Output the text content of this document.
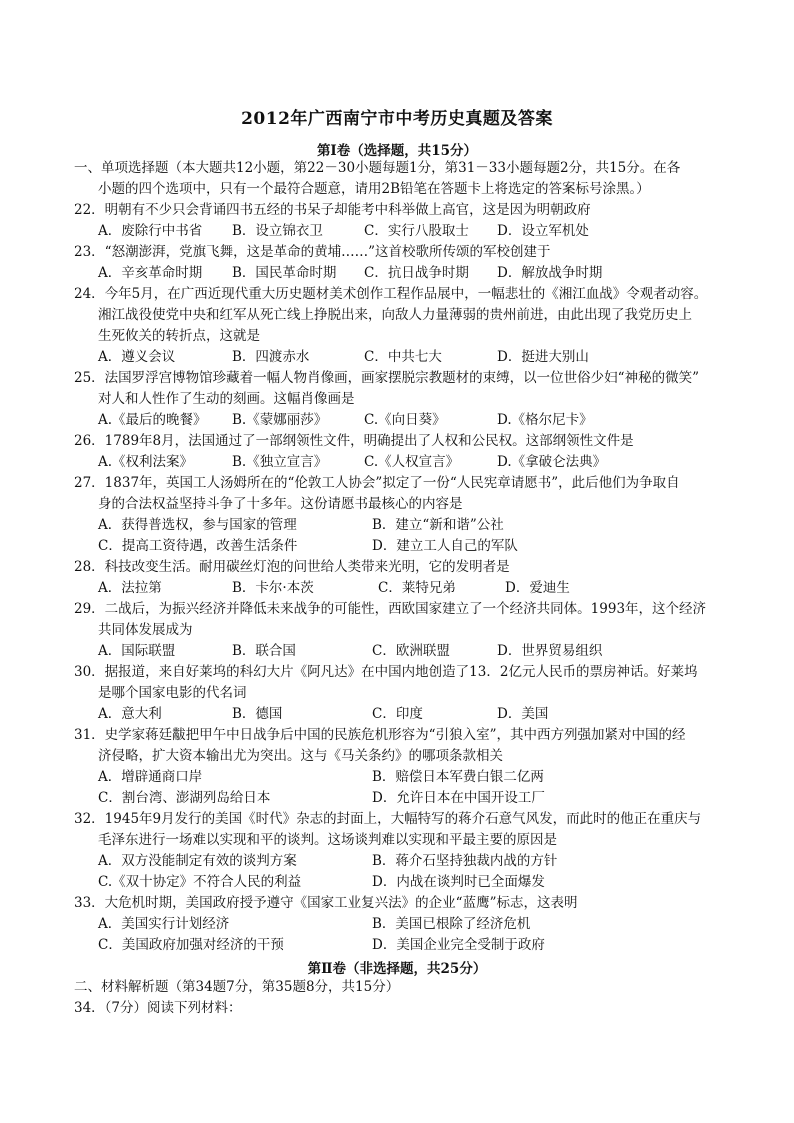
2012年广西南宁市中考历史真题及答案
第Ⅰ卷（选择题，共15分）
一、单项选择题（本大题共12小题，第22－30小题每题1分，第31－33小题每题2分，共15分。在各
小题的四个选项中，只有一个最符合题意，请用2B铅笔在答题卡上将选定的答案标号涂黑。）
22．明朝有不少只会背诵四书五经的书呆子却能考中科举做上高官，这是因为明朝政府
A．废除行中书省 B．设立锦衣卫	C．实行八股取士 D．设立军机处
23．“怒潮澎湃，党旗飞舞，这是革命的黄埔……”这首校歌所传颂的军校创建于
A．辛亥革命时期 B．国民革命时期 C．抗日战争时期 D．解放战争时期
24．今年5月，在广西近现代重大历史题材美术创作工程作品展中，一幅悲壮的《湘江血战》令观者动容。
湘江战役使党中央和红军从死亡线上挣脱出来，向敌人力量薄弱的贵州前进，由此出现了我党历史上
生死攸关的转折点，这就是
A．遵义会议	B．四渡赤水	C．中共七大	D．挺进大别山
25．法国罗浮宫博物馆珍藏着一幅人物肖像画，画家摆脱宗教题材的束缚，以一位世俗少妇“神秘的微笑”
对人和人性作了生动的刻画。这幅肖像画是
A.《最后的晚餐》 B.《蒙娜丽莎》	C.《向日葵》	D.《格尔尼卡》
26．1789年8月，法国通过了一部纲领性文件，明确提出了人权和公民权。这部纲领性文件是
A.《权利法案》	B.《独立宣言》	C.《人权宣言》	D.《拿破仑法典》
27．1837年，英国工人汤姆所在的“伦敦工人协会”拟定了一份“人民宪章请愿书”，此后他们为争取自
身的合法权益坚持斗争了十多年。这份请愿书最核心的内容是
A．获得普选权，参与国家的管理	B．建立“新和谐”公社
C．提高工资待遇，改善生活条件	D．建立工人自己的军队
28．科技改变生活。耐用碳丝灯泡的问世给人类带来光明，它的发明者是
A．法拉第	B．卡尔·本茨	C．莱特兄弟	D．爱迪生
29．二战后，为振兴经济并降低未来战争的可能性，西欧国家建立了一个经济共同体。1993年，这个经济
共同体发展成为
A．国际联盟	B．联合国	C．欧洲联盟	D．世界贸易组织
30．据报道，来自好莱坞的科幻大片《阿凡达》在中国内地创造了13．2亿元人民币的票房神话。好莱坞
是哪个国家电影的代名词
A．意大利	B．德国	C．印度	D．美国
31．史学家蒋廷黻把甲午中日战争后中国的民族危机形容为“引狼入室”，其中西方列强加紧对中国的经
济侵略，扩大资本输出尤为突出。这与《马关条约》的哪项条款相关
A．增辟通商口岸	B．赔偿日本军费白银二亿两
C．割台湾、澎湖列岛给日本	D．允许日本在中国开设工厂
32．1945年9月发行的美国《时代》杂志的封面上，大幅特写的蒋介石意气风发，而此时的他正在重庆与
毛泽东进行一场难以实现和平的谈判。这场谈判难以实现和平最主要的原因是
A．双方没能制定有效的谈判方案	B．蒋介石坚持独裁内战的方针
C.《双十协定》不符合人民的利益	D．内战在谈判时已全面爆发
33．大危机时期，美国政府授予遵守《国家工业复兴法》的企业“蓝鹰”标志，这表明
A．美国实行计划经济	B．美国已根除了经济危机
C．美国政府加强对经济的干预	D．美国企业完全受制于政府
第Ⅱ卷（非选择题，共25分）
二、材料解析题（第34题7分，第35题8分，共15分）
34．（7分）阅读下列材料：
